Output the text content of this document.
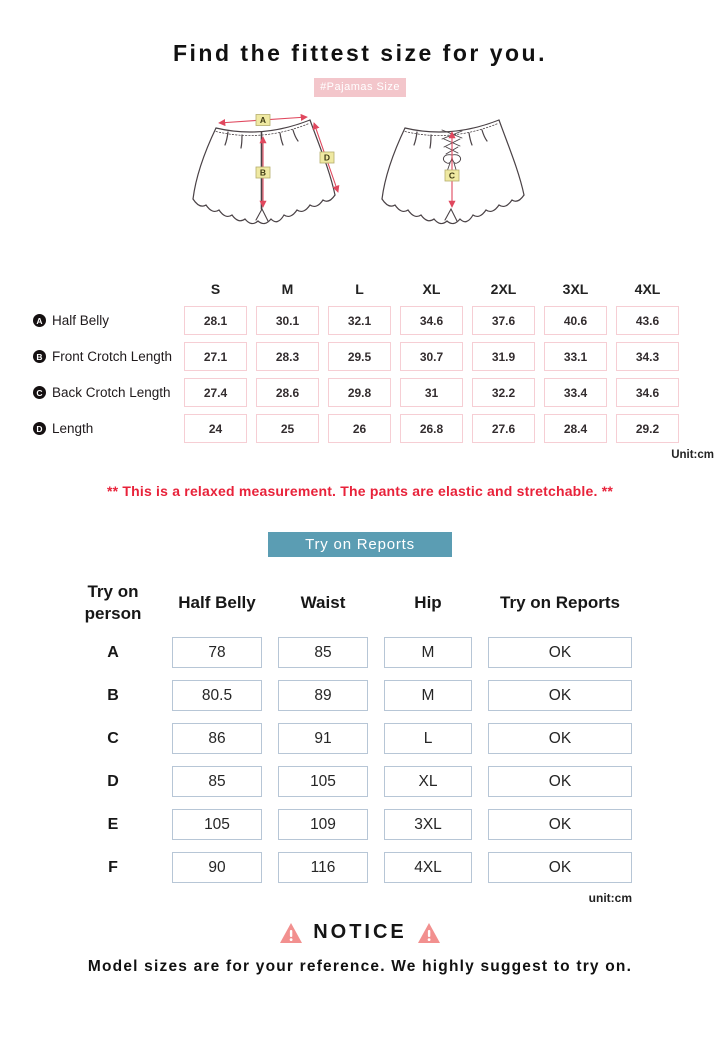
Find the fittest size for you.
#Pajamas Size
A
B
D
C
S	M	L	XL	2XL	3XL	4XL
A Half Belly	28.1	30.1	32.1	34.6	37.6	40.6	43.6
B Front Crotch Length	27.1	28.3	29.5	30.7	31.9	33.1	34.3
C Back Crotch Length	27.4	28.6	29.8	31	32.2	33.4	34.6
D Length	24	25	26	26.8	27.6	28.4	29.2
Unit:cm
** This is a relaxed measurement. The pants are elastic and stretchable. **
Try on Reports
Try on person
Half Belly	Waist	Hip	Try on Reports
A	78	85	M	OK
B	80.5	89	M	OK
C	86	91	L	OK
D	85	105	XL	OK
E	105	109	3XL	OK
F	90	116	4XL	OK
unit:cm
NOTICE
Model sizes are for your reference. We highly suggest to try on.
